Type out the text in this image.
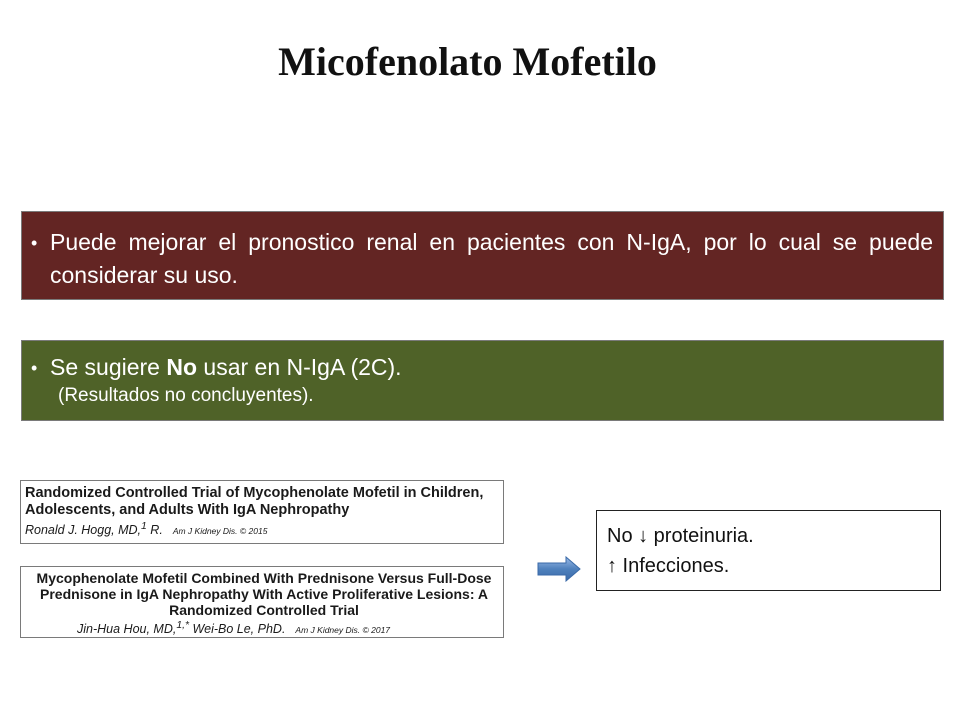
Micofenolato Mofetilo
• Puede mejorar el pronostico renal en pacientes con N-IgA, por lo cual se puede considerar su uso.
• Se sugiere No usar en N-IgA (2C).
(Resultados no concluyentes).
Randomized Controlled Trial of Mycophenolate Mofetil in Children, Adolescents, and Adults With IgA Nephropathy
Ronald J. Hogg, MD,$^1$ R. Am J Kidney Dis. © 2015
Mycophenolate Mofetil Combined With Prednisone Versus Full-Dose Prednisone in IgA Nephropathy With Active Proliferative Lesions: A Randomized Controlled Trial
Jin-Hua Hou, MD,$^{1,*}$ Wei-Bo Le, PhD. Am J Kidney Dis. © 2017
No ↓ proteinuria.
↑ Infecciones.
